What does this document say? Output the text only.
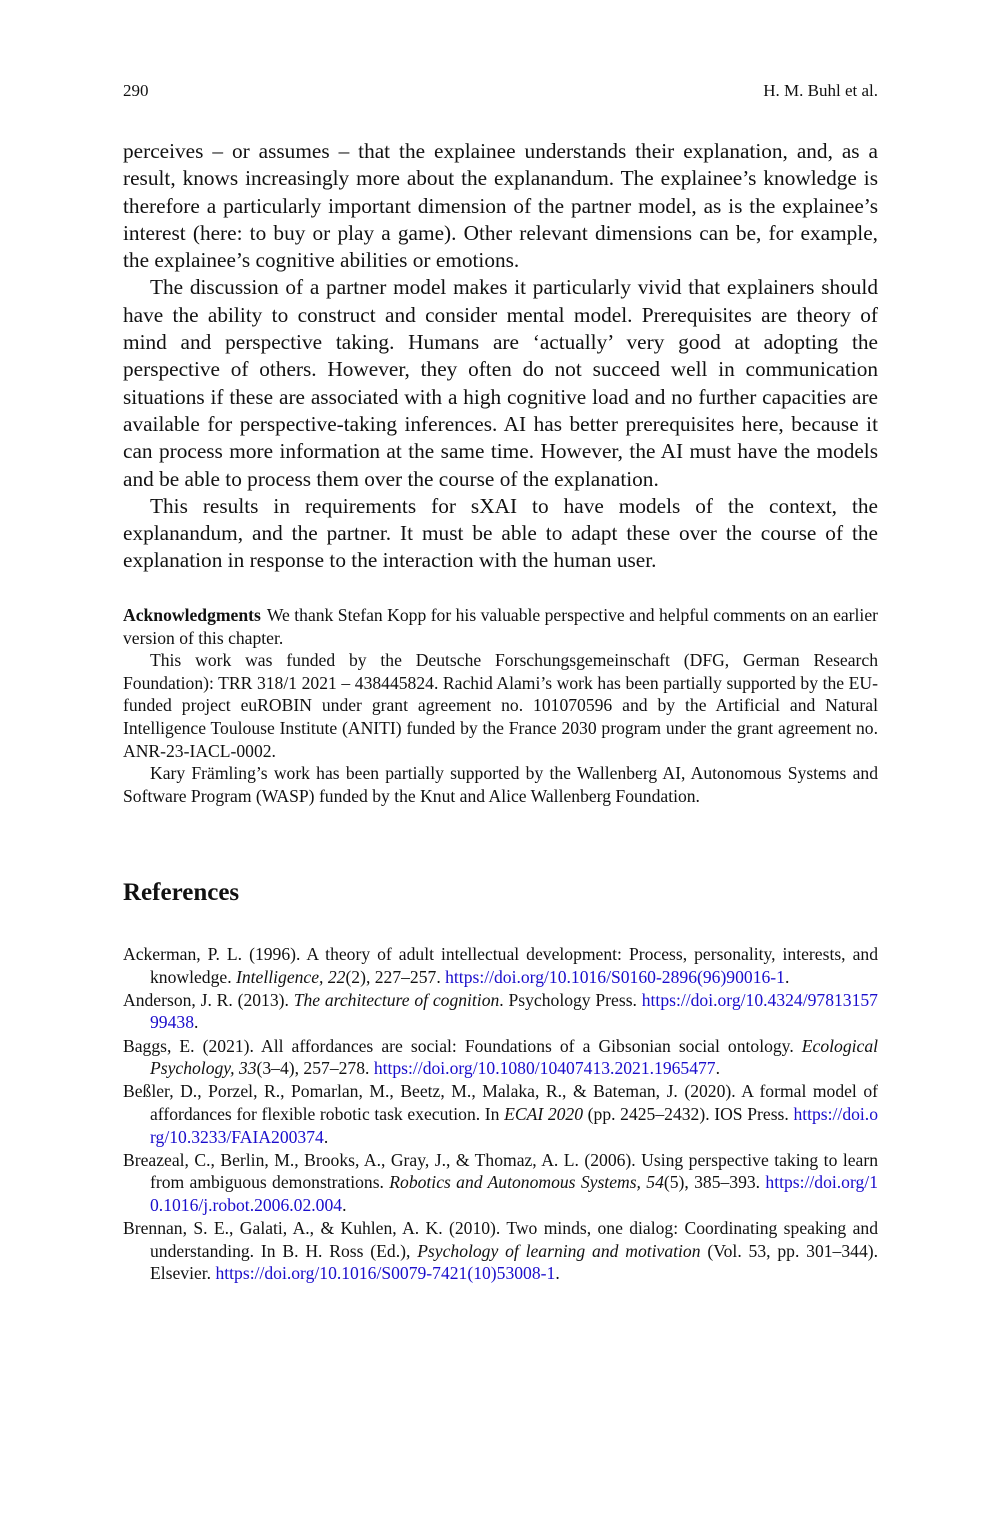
290	H. M. Buhl et al.

perceives – or assumes – that the explainee understands their explanation, and, as a result, knows increasingly more about the explanandum. The explainee’s knowledge is therefore a particularly important dimension of the partner model, as is the explainee’s interest (here: to buy or play a game). Other relevant dimensions can be, for example, the explainee’s cognitive abilities or emotions.

The discussion of a partner model makes it particularly vivid that explainers should have the ability to construct and consider mental model. Prerequisites are theory of mind and perspective taking. Humans are ‘actually’ very good at adopting the perspective of others. However, they often do not succeed well in communication situations if these are associated with a high cognitive load and no further capacities are available for perspective-taking inferences. AI has better prerequisites here, because it can process more information at the same time. However, the AI must have the models and be able to process them over the course of the explanation.

This results in requirements for sXAI to have models of the context, the explanandum, and the partner. It must be able to adapt these over the course of the explanation in response to the interaction with the human user.

Acknowledgments We thank Stefan Kopp for his valuable perspective and helpful comments on an earlier version of this chapter.

This work was funded by the Deutsche Forschungsgemeinschaft (DFG, German Research Foundation): TRR 318/1 2021 – 438445824. Rachid Alami’s work has been partially supported by the EU-funded project euROBIN under grant agreement no. 101070596 and by the Artificial and Natural Intelligence Toulouse Institute (ANITI) funded by the France 2030 program under the grant agreement no. ANR-23-IACL-0002.

Kary Främling’s work has been partially supported by the Wallenberg AI, Autonomous Systems and Software Program (WASP) funded by the Knut and Alice Wallenberg Foundation.

References
Ackerman, P. L. (1996). A theory of adult intellectual development: Process, personality, interests, and knowledge. Intelligence, 22(2), 227–257. https://doi.org/10.1016/S0160-2896(96)90016-1.
Anderson, J. R. (2013). The architecture of cognition. Psychology Press. https://doi.org/10.4324/9781315799438.
Baggs, E. (2021). All affordances are social: Foundations of a Gibsonian social ontology. Ecological Psychology, 33(3–4), 257–278. https://doi.org/10.1080/10407413.2021.1965477.
Beßler, D., Porzel, R., Pomarlan, M., Beetz, M., Malaka, R., & Bateman, J. (2020). A formal model of affordances for flexible robotic task execution. In ECAI 2020 (pp. 2425–2432). IOS Press. https://doi.org/10.3233/FAIA200374.
Breazeal, C., Berlin, M., Brooks, A., Gray, J., & Thomaz, A. L. (2006). Using perspective taking to learn from ambiguous demonstrations. Robotics and Autonomous Systems, 54(5), 385–393. https://doi.org/10.1016/j.robot.2006.02.004.
Brennan, S. E., Galati, A., & Kuhlen, A. K. (2010). Two minds, one dialog: Coordinating speaking and understanding. In B. H. Ross (Ed.), Psychology of learning and motivation (Vol. 53, pp. 301–344). Elsevier. https://doi.org/10.1016/S0079-7421(10)53008-1.
